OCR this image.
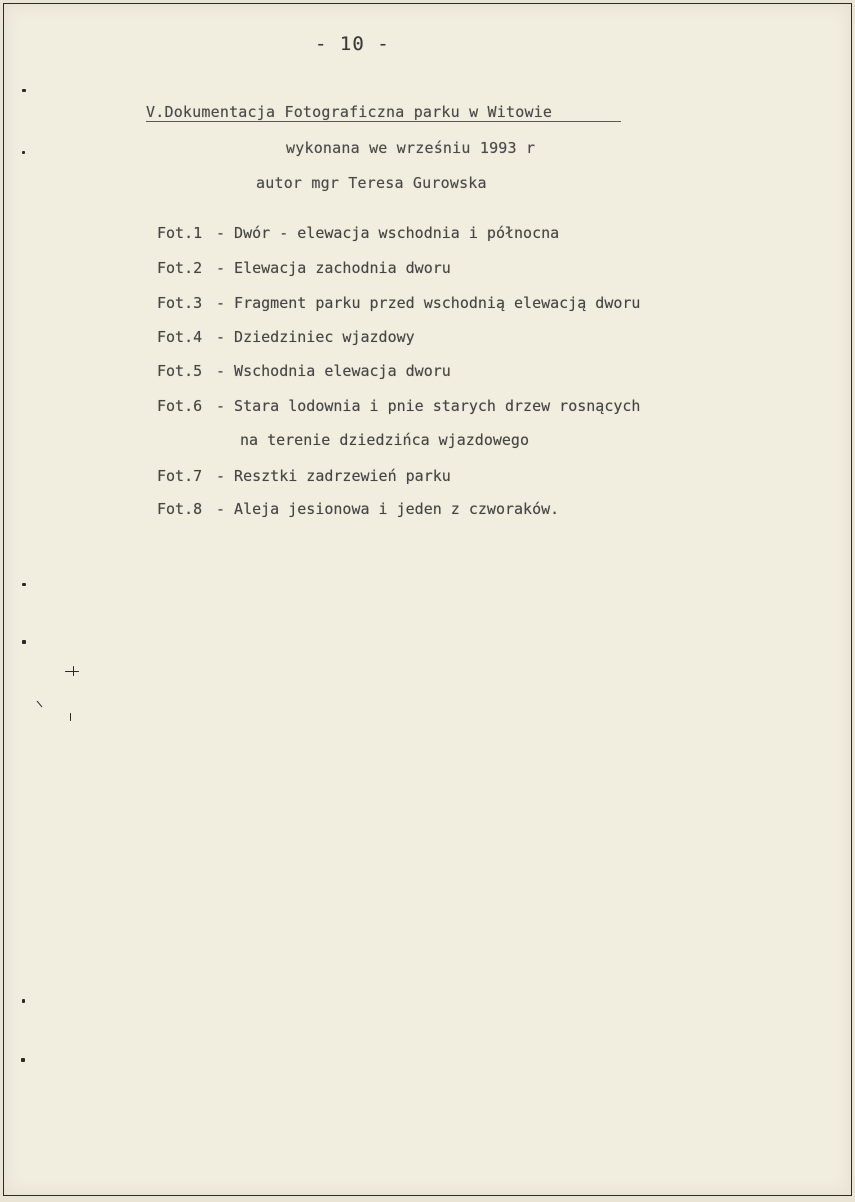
- 10 -
V.Dokumentacja Fotograficzna parku w Witowie
wykonana we wrześniu 1993 r
autor mgr Teresa Gurowska
Fot.1 - Dwór - elewacja wschodnia i północna
Fot.2 - Elewacja zachodnia dworu
Fot.3 - Fragment parku przed wschodnią elewacją dworu
Fot.4 - Dziedziniec wjazdowy
Fot.5 - Wschodnia elewacja dworu
Fot.6 - Stara lodownia i pnie starych drzew rosnących
na terenie dziedzińca wjazdowego
Fot.7 - Resztki zadrzewień parku
Fot.8 - Aleja jesionowa i jeden z czworaków.
